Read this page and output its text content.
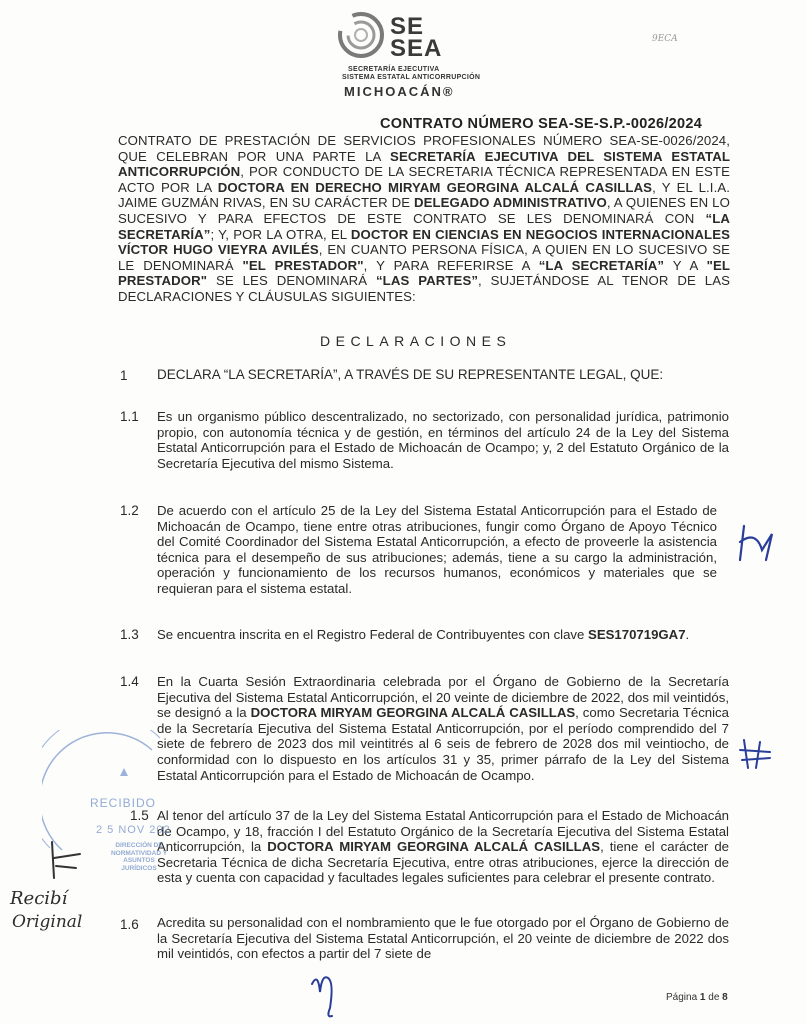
SE
SEA
SECRETARÍA EJECUTIVA
SISTEMA ESTATAL ANTICORRUPCIÓN
MICHOACÁN®
9ECA
CONTRATO NÚMERO SEA-SE-S.P.-0026/2024
CONTRATO DE PRESTACIÓN DE SERVICIOS PROFESIONALES NÚMERO SEA-SE-0026/2024, QUE CELEBRAN POR UNA PARTE LA SECRETARÍA EJECUTIVA DEL SISTEMA ESTATAL ANTICORRUPCIÓN, POR CONDUCTO DE LA SECRETARIA TÉCNICA REPRESENTADA EN ESTE ACTO POR LA DOCTORA EN DERECHO MIRYAM GEORGINA ALCALÁ CASILLAS, Y EL L.I.A. JAIME GUZMÁN RIVAS, EN SU CARÁCTER DE DELEGADO ADMINISTRATIVO, A QUIENES EN LO SUCESIVO Y PARA EFECTOS DE ESTE CONTRATO SE LES DENOMINARÁ CON “LA SECRETARÍA”; Y, POR LA OTRA, EL DOCTOR EN CIENCIAS EN NEGOCIOS INTERNACIONALES VÍCTOR HUGO VIEYRA AVILÉS, EN CUANTO PERSONA FÍSICA, A QUIEN EN LO SUCESIVO SE LE DENOMINARÁ "EL PRESTADOR", Y PARA REFERIRSE A “LA SECRETARÍA” Y A "EL PRESTADOR" SE LES DENOMINARÁ “LAS PARTES”, SUJETÁNDOSE AL TENOR DE LAS DECLARACIONES Y CLÁUSULAS SIGUIENTES:
DECLARACIONES
1 DECLARA “LA SECRETARÍA”, A TRAVÉS DE SU REPRESENTANTE LEGAL, QUE:
1.1 Es un organismo público descentralizado, no sectorizado, con personalidad jurídica, patrimonio propio, con autonomía técnica y de gestión, en términos del artículo 24 de la Ley del Sistema Estatal Anticorrupción para el Estado de Michoacán de Ocampo; y, 2 del Estatuto Orgánico de la Secretaría Ejecutiva del mismo Sistema.
1.2 De acuerdo con el artículo 25 de la Ley del Sistema Estatal Anticorrupción para el Estado de Michoacán de Ocampo, tiene entre otras atribuciones, fungir como Órgano de Apoyo Técnico del Comité Coordinador del Sistema Estatal Anticorrupción, a efecto de proveerle la asistencia técnica para el desempeño de sus atribuciones; además, tiene a su cargo la administración, operación y funcionamiento de los recursos humanos, económicos y materiales que se requieran para el sistema estatal.
1.3 Se encuentra inscrita en el Registro Federal de Contribuyentes con clave SES170719GA7.
1.4 En la Cuarta Sesión Extraordinaria celebrada por el Órgano de Gobierno de la Secretaría Ejecutiva del Sistema Estatal Anticorrupción, el 20 veinte de diciembre de 2022, dos mil veintidós, se designó a la DOCTORA MIRYAM GEORGINA ALCALÁ CASILLAS, como Secretaria Técnica de la Secretaría Ejecutiva del Sistema Estatal Anticorrupción, por el período comprendido del 7 siete de febrero de 2023 dos mil veintitrés al 6 seis de febrero de 2028 dos mil veintiocho, de conformidad con lo dispuesto en los artículos 31 y 35, primer párrafo de la Ley del Sistema Estatal Anticorrupción para el Estado de Michoacán de Ocampo.
1.5 Al tenor del artículo 37 de la Ley del Sistema Estatal Anticorrupción para el Estado de Michoacán de Ocampo, y 18, fracción I del Estatuto Orgánico de la Secretaría Ejecutiva del Sistema Estatal Anticorrupción, la DOCTORA MIRYAM GEORGINA ALCALÁ CASILLAS, tiene el carácter de Secretaria Técnica de dicha Secretaría Ejecutiva, entre otras atribuciones, ejerce la dirección de esta y cuenta con capacidad y facultades legales suficientes para celebrar el presente contrato.
1.6 Acredita su personalidad con el nombramiento que le fue otorgado por el Órgano de Gobierno de la Secretaría Ejecutiva del Sistema Estatal Anticorrupción, el 20 veinte de diciembre de 2022 dos mil veintidós, con efectos a partir del 7 siete de
RECIBIDO
2 5 NOV 202
DIRECCIÓN DE NORMATIVIDAD Y ASUNTOS JURÍDICOS
Recibí
Original
Página 1 de 8
